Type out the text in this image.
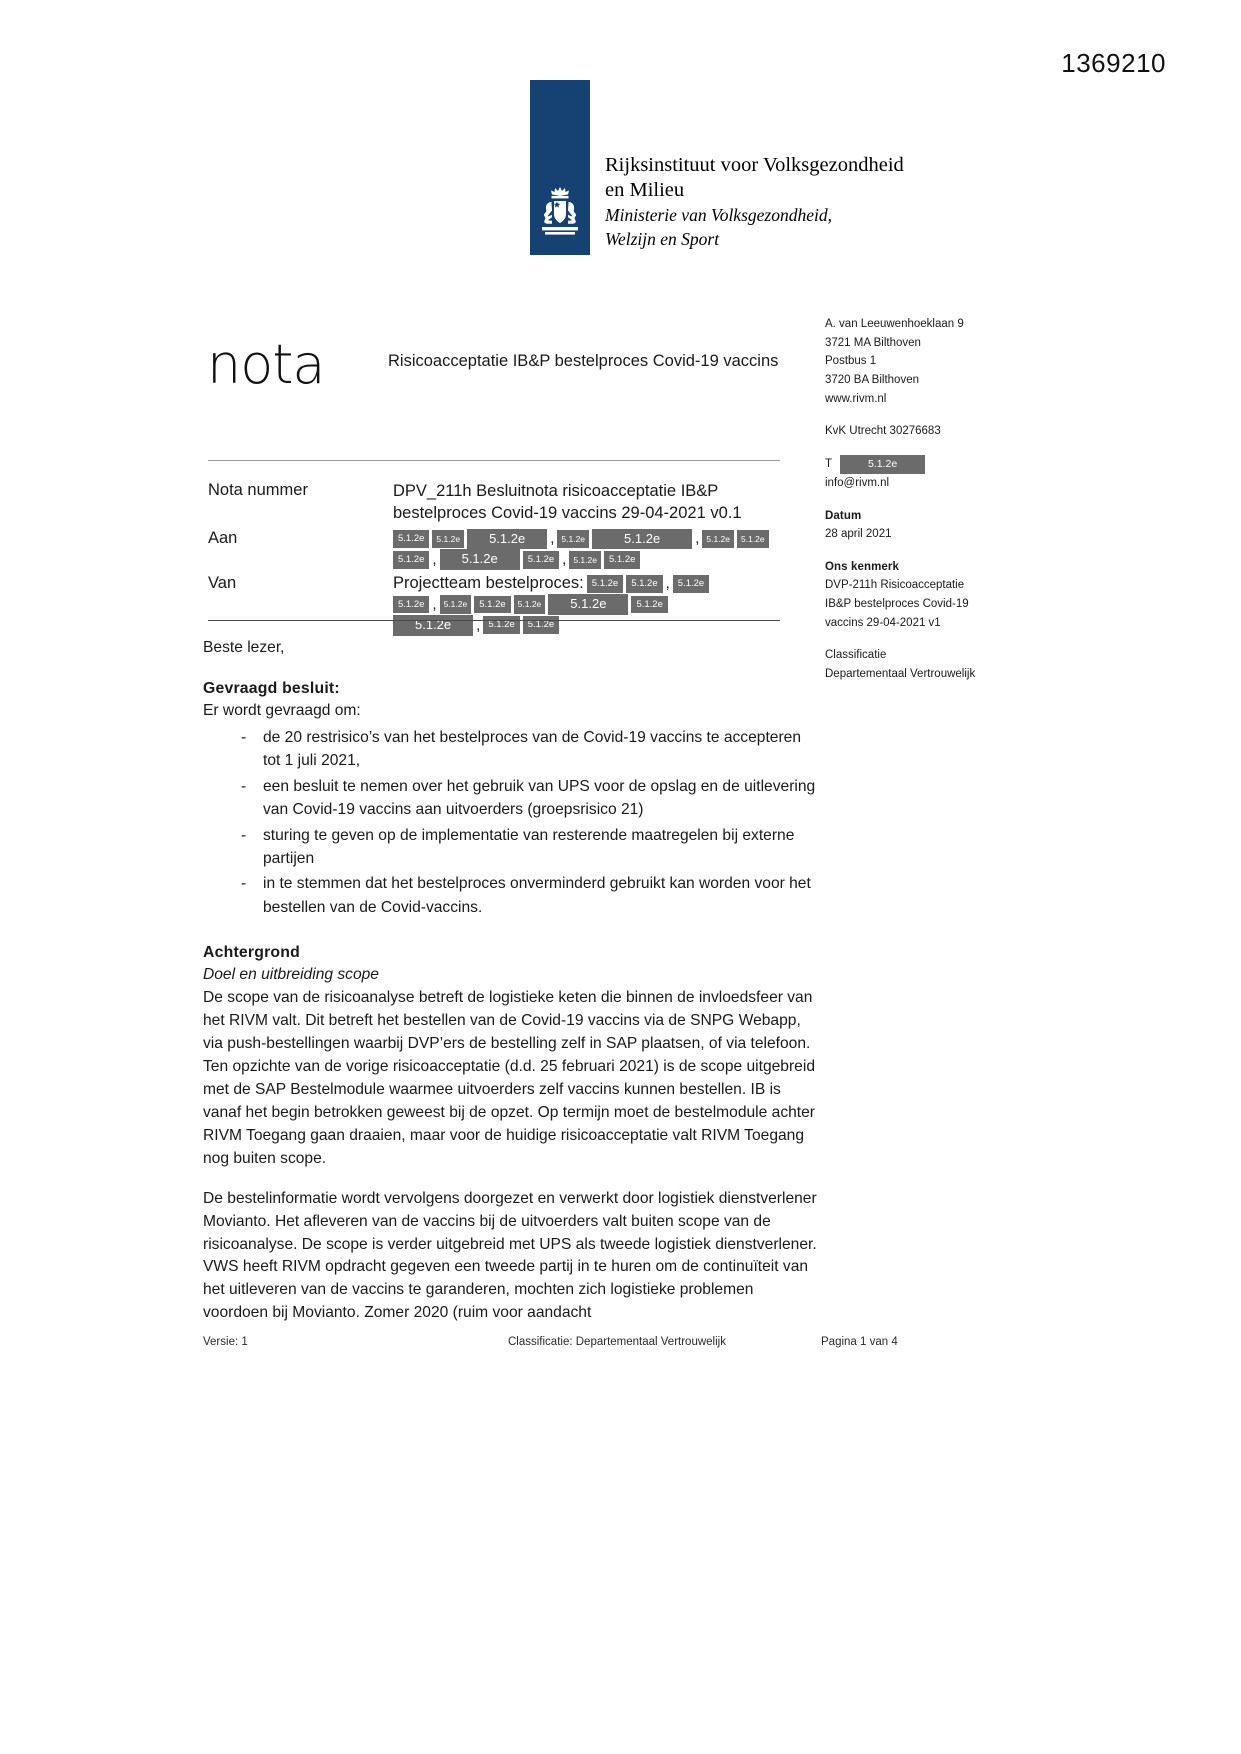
1369210
Rijksinstituut voor Volksgezondheid
en Milieu
Ministerie van Volksgezondheid,
Welzijn en Sport
nota	Risicoacceptatie IB&P bestelproces Covid-19 vaccins
A. van Leeuwenhoeklaan 9
3721 MA Bilthoven
Postbus 1
3720 BA Bilthoven
www.rivm.nl
KvK Utrecht 30276683
T	5.1.2e
info@rivm.nl
Datum
28 april 2021
Ons kenmerk
DVP-211h Risicoacceptatie
IB&P bestelproces Covid-19
vaccins 29-04-2021 v1
Classificatie
Departementaal Vertrouwelijk
Nota nummer	DPV_211h Besluitnota risicoacceptatie IB&P
bestelproces Covid-19 vaccins 29-04-2021 v0.1
Aan	5.1.2e	5.1.2e	5.1.2e	, 5.1.2e	5.1.2e	, 5.1.2e	5.1.2e
5.1.2e ,	5.1.2e	5.1.2e , 5.1.2e	5.1.2e
Van	Projectteam bestelproces: 5.1.2e	5.1.2e , 5.1.2e
5.1.2e , 5.1.2e	5.1.2e	5.1.2e	5.1.2e	5.1.2e
5.1.2e	, 5.1.2e	5.1.2e

Beste lezer,

Gevraagd besluit:

Er wordt gevraagd om:

- de 20 restrisico’s van het bestelproces van de Covid-19 vaccins te accepteren tot 1 juli 2021,
- een besluit te nemen over het gebruik van UPS voor de opslag en de uitlevering van Covid-19 vaccins aan uitvoerders (groepsrisico 21)
- sturing te geven op de implementatie van resterende maatregelen bij externe partijen
- in te stemmen dat het bestelproces onverminderd gebruikt kan worden voor het bestellen van de Covid-vaccins.

Achtergrond

Doel en uitbreiding scope

De scope van de risicoanalyse betreft de logistieke keten die binnen de invloedsfeer van het RIVM valt. Dit betreft het bestellen van de Covid-19 vaccins via de SNPG Webapp, via push-bestellingen waarbij DVP’ers de bestelling zelf in SAP plaatsen, of via telefoon. Ten opzichte van de vorige risicoacceptatie (d.d. 25 februari 2021) is de scope uitgebreid met de SAP Bestelmodule waarmee uitvoerders zelf vaccins kunnen bestellen. IB is vanaf het begin betrokken geweest bij de opzet. Op termijn moet de bestelmodule achter RIVM Toegang gaan draaien, maar voor de huidige risicoacceptatie valt RIVM Toegang nog buiten scope.

De bestelinformatie wordt vervolgens doorgezet en verwerkt door logistiek dienstverlener Movianto. Het afleveren van de vaccins bij de uitvoerders valt buiten scope van de risicoanalyse. De scope is verder uitgebreid met UPS als tweede logistiek dienstverlener. VWS heeft RIVM opdracht gegeven een tweede partij in te huren om de continuïteit van het uitleveren van de vaccins te garanderen, mochten zich logistieke problemen voordoen bij Movianto. Zomer 2020 (ruim voor aandacht

Versie: 1	Classificatie: Departementaal Vertrouwelijk	Pagina 1 van 4
